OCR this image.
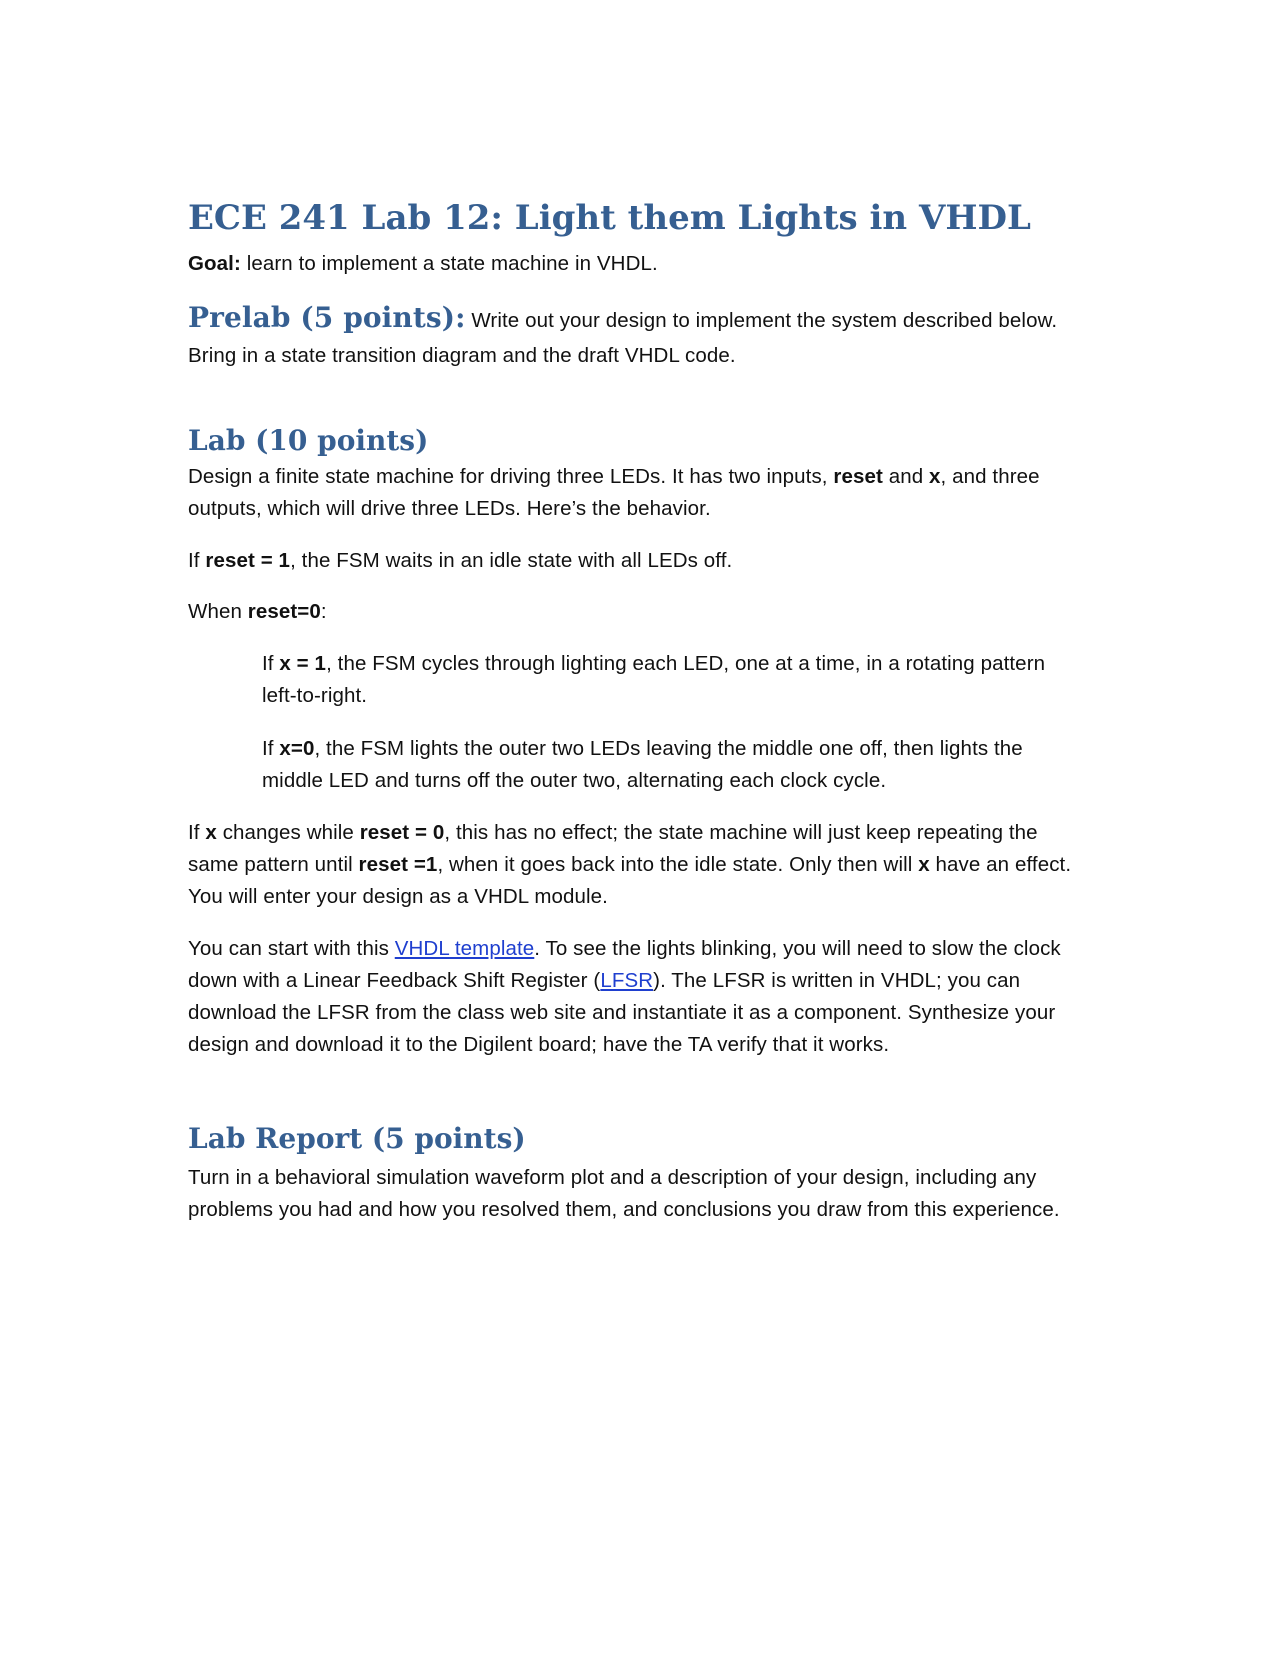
ECE 241 Lab 12: Light them Lights in VHDL
Goal: learn to implement a state machine in VHDL.
Prelab (5 points): Write out your design to implement the system described below.
Bring in a state transition diagram and the draft VHDL code.
Lab (10 points)
Design a finite state machine for driving three LEDs. It has two inputs, reset and x, and three
outputs, which will drive three LEDs. Here’s the behavior.
If reset = 1, the FSM waits in an idle state with all LEDs off.
When reset=0:
If x = 1, the FSM cycles through lighting each LED, one at a time, in a rotating pattern
left-to-right.
If x=0, the FSM lights the outer two LEDs leaving the middle one off, then lights the
middle LED and turns off the outer two, alternating each clock cycle.
If x changes while reset = 0, this has no effect; the state machine will just keep repeating the
same pattern until reset =1, when it goes back into the idle state. Only then will x have an effect.
You will enter your design as a VHDL module.
You can start with this VHDL template. To see the lights blinking, you will need to slow the clock
down with a Linear Feedback Shift Register (LFSR). The LFSR is written in VHDL; you can
download the LFSR from the class web site and instantiate it as a component. Synthesize your
design and download it to the Digilent board; have the TA verify that it works.
Lab Report (5 points)
Turn in a behavioral simulation waveform plot and a description of your design, including any
problems you had and how you resolved them, and conclusions you draw from this experience.
